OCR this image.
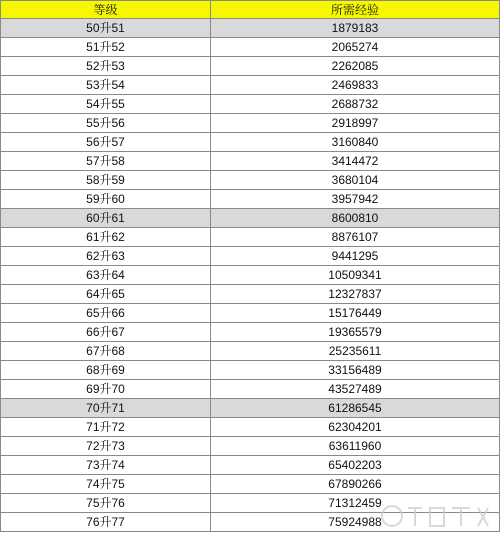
等级	所需经验
50升51	1879183
51升52	2065274
52升53	2262085
53升54	2469833
54升55	2688732
55升56	2918997
56升57	3160840
57升58	3414472
58升59	3680104
59升60	3957942
60升61	8600810
61升62	8876107
62升63	9441295
63升64	10509341
64升65	12327837
65升66	15176449
66升67	19365579
67升68	25235611
68升69	33156489
69升70	43527489
70升71	61286545
71升72	62304201
72升73	63611960
73升74	65402203
74升75	67890266
75升76	71312459
76升77	75924988
